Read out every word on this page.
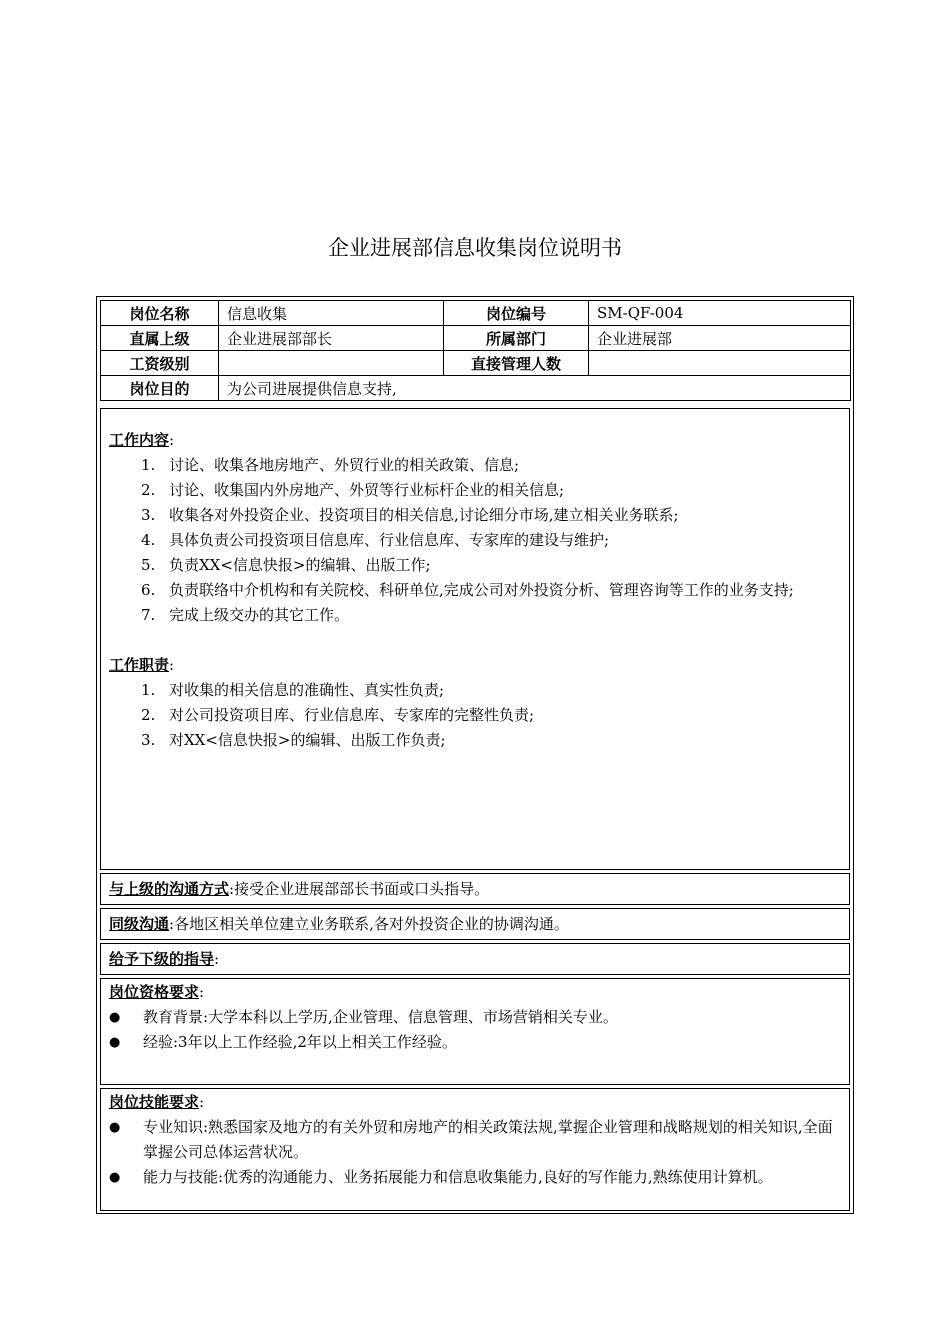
企业进展部信息收集岗位说明书
岗位名称	信息收集	岗位编号	SM-QF-004
直属上级	企业进展部部长	所属部门	企业进展部
工资级别		直接管理人数	
岗位目的	为公司进展提供信息支持,		
工作内容:
1. 讨论、收集各地房地产、外贸行业的相关政策、信息;
2. 讨论、收集国内外房地产、外贸等行业标杆企业的相关信息;
3. 收集各对外投资企业、投资项目的相关信息,讨论细分市场,建立相关业务联系;
4. 具体负责公司投资项目信息库、行业信息库、专家库的建设与维护;
5. 负责XX<信息快报>的编辑、出版工作;
6. 负责联络中介机构和有关院校、科研单位,完成公司对外投资分析、管理咨询等工作的业务支持;
7. 完成上级交办的其它工作。
工作职责:
1. 对收集的相关信息的准确性、真实性负责;
2. 对公司投资项目库、行业信息库、专家库的完整性负责;
3. 对XX<信息快报>的编辑、出版工作负责;
与上级的沟通方式:接受企业进展部部长书面或口头指导。
同级沟通:各地区相关单位建立业务联系,各对外投资企业的协调沟通。
给予下级的指导:
岗位资格要求:
●	教育背景:大学本科以上学历,企业管理、信息管理、市场营销相关专业。
●	经验:3年以上工作经验,2年以上相关工作经验。
岗位技能要求:
●	专业知识:熟悉国家及地方的有关外贸和房地产的相关政策法规,掌握企业管理和战略规划的相关知识,全面掌握公司总体运营状况。
●	能力与技能:优秀的沟通能力、业务拓展能力和信息收集能力,良好的写作能力,熟练使用计算机。
